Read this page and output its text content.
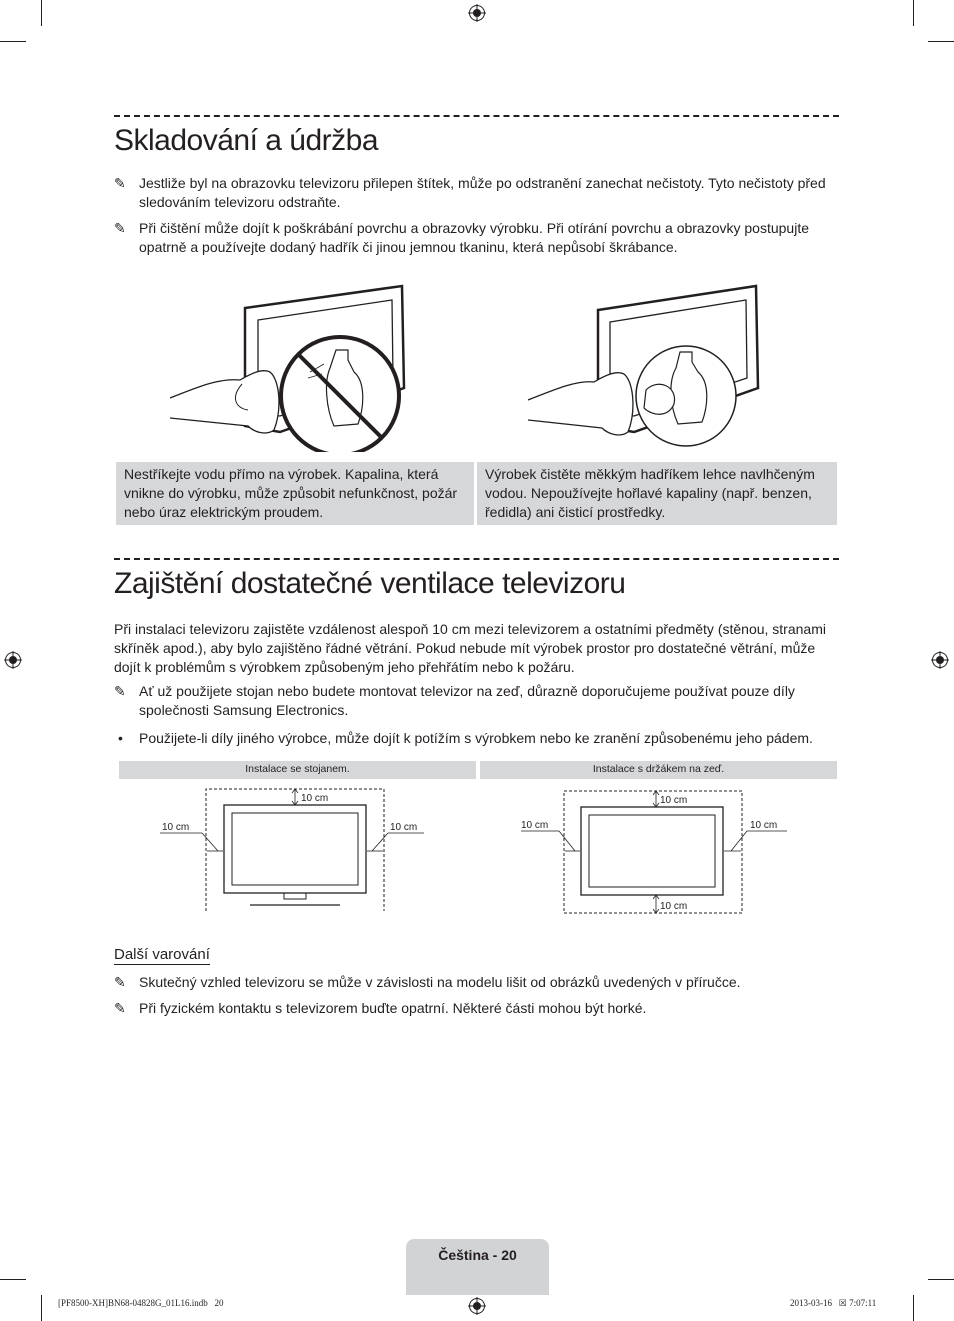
Skladování a údržba
✎ Jestliže byl na obrazovku televizoru přilepen štítek, může po odstranění zanechat nečistoty. Tyto nečistoty před sledováním televizoru odstraňte.
✎ Při čištění může dojít k poškrábání povrchu a obrazovky výrobku. Při otírání povrchu a obrazovky postupujte opatrně a používejte dodaný hadřík či jinou jemnou tkaninu, která nepůsobí škrábance.
Nestříkejte vodu přímo na výrobek. Kapalina, která vnikne do výrobku, může způsobit nefunkčnost, požár nebo úraz elektrickým proudem.
Výrobek čistěte měkkým hadříkem lehce navlhčeným vodou. Nepoužívejte hořlavé kapaliny (např. benzen, ředidla) ani čisticí prostředky.
Zajištění dostatečné ventilace televizoru
Při instalaci televizoru zajistěte vzdálenost alespoň 10 cm mezi televizorem a ostatními předměty (stěnou, stranami skříněk apod.), aby bylo zajištěno řádné větrání. Pokud nebude mít výrobek prostor pro dostatečné větrání, může dojít k problémům s výrobkem způsobeným jeho přehřátím nebo k požáru.
✎ Ať už použijete stojan nebo budete montovat televizor na zeď, důrazně doporučujeme používat pouze díly společnosti Samsung Electronics.
•	Použijete-li díly jiného výrobce, může dojít k potížím s výrobkem nebo ke zranění způsobenému jeho pádem.
Instalace se stojanem.	Instalace s držákem na zeď.
10 cm
10 cm	10 cm
10 cm
10 cm	10 cm
10 cm
Další varování
✎ Skutečný vzhled televizoru se může v závislosti na modelu lišit od obrázků uvedených v příručce.
✎ Při fyzickém kontaktu s televizorem buďte opatrní. Některé části mohou být horké.
Čeština - 20
[PF8500-XH]BN68-04828G_01L16.indb   20	2013-03-16   ☒ 7:07:11
